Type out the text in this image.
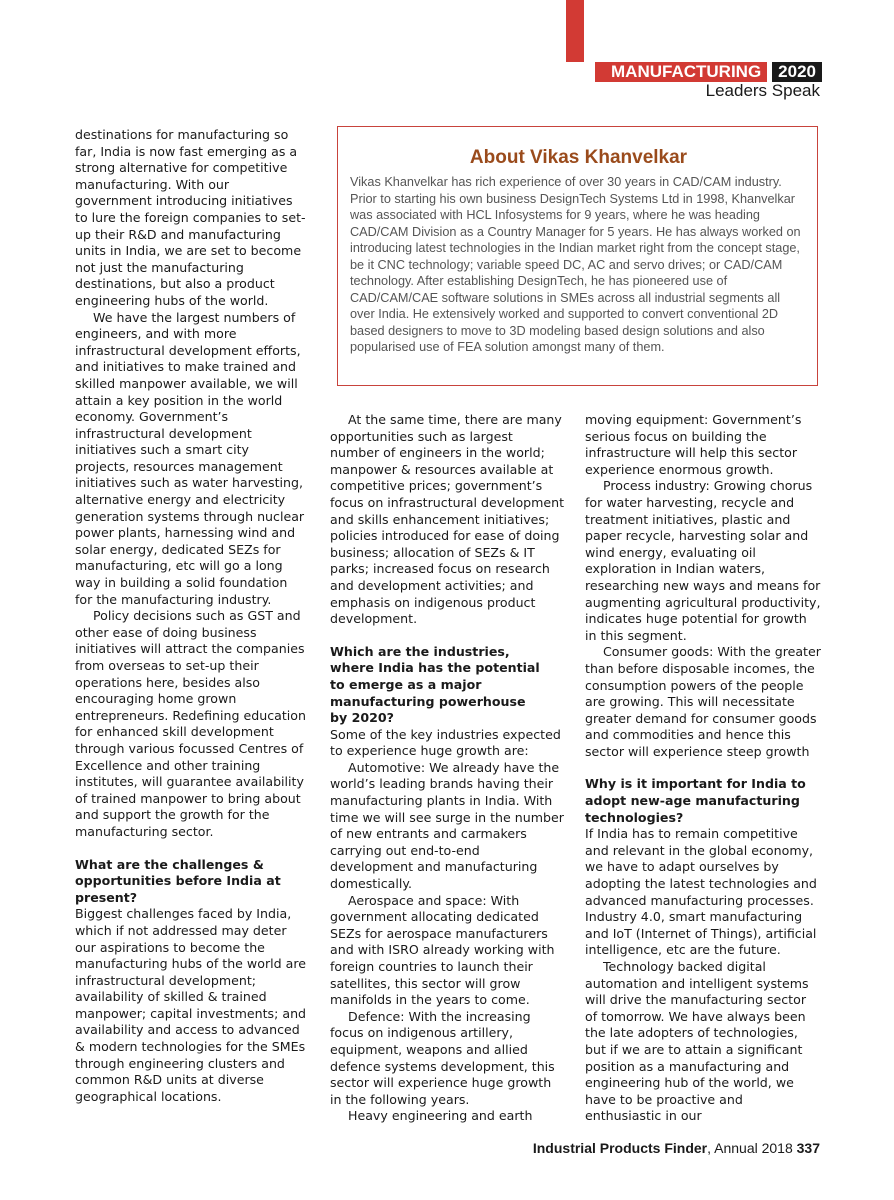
MANUFACTURING	2020
Leaders Speak

destinations for manufacturing so far, India is now fast emerging as a strong alternative for competitive manufacturing. With our government introducing initiatives to lure the foreign companies to set-up their R&D and manufacturing units in India, we are set to become not just the manufacturing destinations, but also a product engineering hubs of the world.

We have the largest numbers of engineers, and with more infrastructural development efforts, and initiatives to make trained and skilled manpower available, we will attain a key position in the world economy. Government’s infrastructural development initiatives such a smart city projects, resources management initiatives such as water harvesting, alternative energy and electricity generation systems through nuclear power plants, harnessing wind and solar energy, dedicated SEZs for manufacturing, etc will go a long way in building a solid foundation for the manufacturing industry.

Policy decisions such as GST and other ease of doing business initiatives will attract the companies from overseas to set-up their operations here, besides also encouraging home grown entrepreneurs. Redefining education for enhanced skill development through various focussed Centres of Excellence and other training institutes, will guarantee availability of trained manpower to bring about and support the growth for the manufacturing sector.

What are the challenges & opportunities before India at present?

Biggest challenges faced by India, which if not addressed may deter our aspirations to become the manufacturing hubs of the world are infrastructural development; availability of skilled & trained manpower; capital investments; and availability and access to advanced & modern technologies for the SMEs through engineering clusters and common R&D units at diverse geographical locations.

About Vikas Khanvelkar

Vikas Khanvelkar has rich experience of over 30 years in CAD/CAM industry. Prior to starting his own business DesignTech Systems Ltd in 1998, Khanvelkar was associated with HCL Infosystems for 9 years, where he was heading CAD/CAM Division as a Country Manager for 5 years. He has always worked on introducing latest technologies in the Indian market right from the concept stage, be it CNC technology; variable speed DC, AC and servo drives; or CAD/CAM technology. After establishing DesignTech, he has pioneered use of CAD/CAM/CAE software solutions in SMEs across all industrial segments all over India. He extensively worked and supported to convert conventional 2D based designers to move to 3D modeling based design solutions and also popularised use of FEA solution amongst many of them.

At the same time, there are many opportunities such as largest number of engineers in the world; manpower & resources available at competitive prices; government’s focus on infrastructural development and skills enhancement initiatives; policies introduced for ease of doing business; allocation of SEZs & IT parks; increased focus on research and development activities; and emphasis on indigenous product development.

Which are the industries, where India has the potential to emerge as a major manufacturing powerhouse by 2020?

Some of the key industries expected to experience huge growth are:

Automotive: We already have the world’s leading brands having their manufacturing plants in India. With time we will see surge in the number of new entrants and carmakers carrying out end-to-end development and manufacturing domestically.

Aerospace and space: With government allocating dedicated SEZs for aerospace manufacturers and with ISRO already working with foreign countries to launch their satellites, this sector will grow manifolds in the years to come.

Defence: With the increasing focus on indigenous artillery, equipment, weapons and allied defence systems development, this sector will experience huge growth in the following years.

Heavy engineering and earth

moving equipment: Government’s serious focus on building the infrastructure will help this sector experience enormous growth.

Process industry: Growing chorus for water harvesting, recycle and treatment initiatives, plastic and paper recycle, harvesting solar and wind energy, evaluating oil exploration in Indian waters, researching new ways and means for augmenting agricultural productivity, indicates huge potential for growth in this segment.

Consumer goods: With the greater than before disposable incomes, the consumption powers of the people are growing. This will necessitate greater demand for consumer goods and commodities and hence this sector will experience steep growth

Why is it important for India to adopt new-age manufacturing technologies?

If India has to remain competitive and relevant in the global economy, we have to adapt ourselves by adopting the latest technologies and advanced manufacturing processes. Industry 4.0, smart manufacturing and IoT (Internet of Things), artificial intelligence, etc are the future.

Technology backed digital automation and intelligent systems will drive the manufacturing sector of tomorrow. We have always been the late adopters of technologies, but if we are to attain a significant position as a manufacturing and engineering hub of the world, we have to be proactive and enthusiastic in our

Industrial Products Finder, Annual 2018 337
